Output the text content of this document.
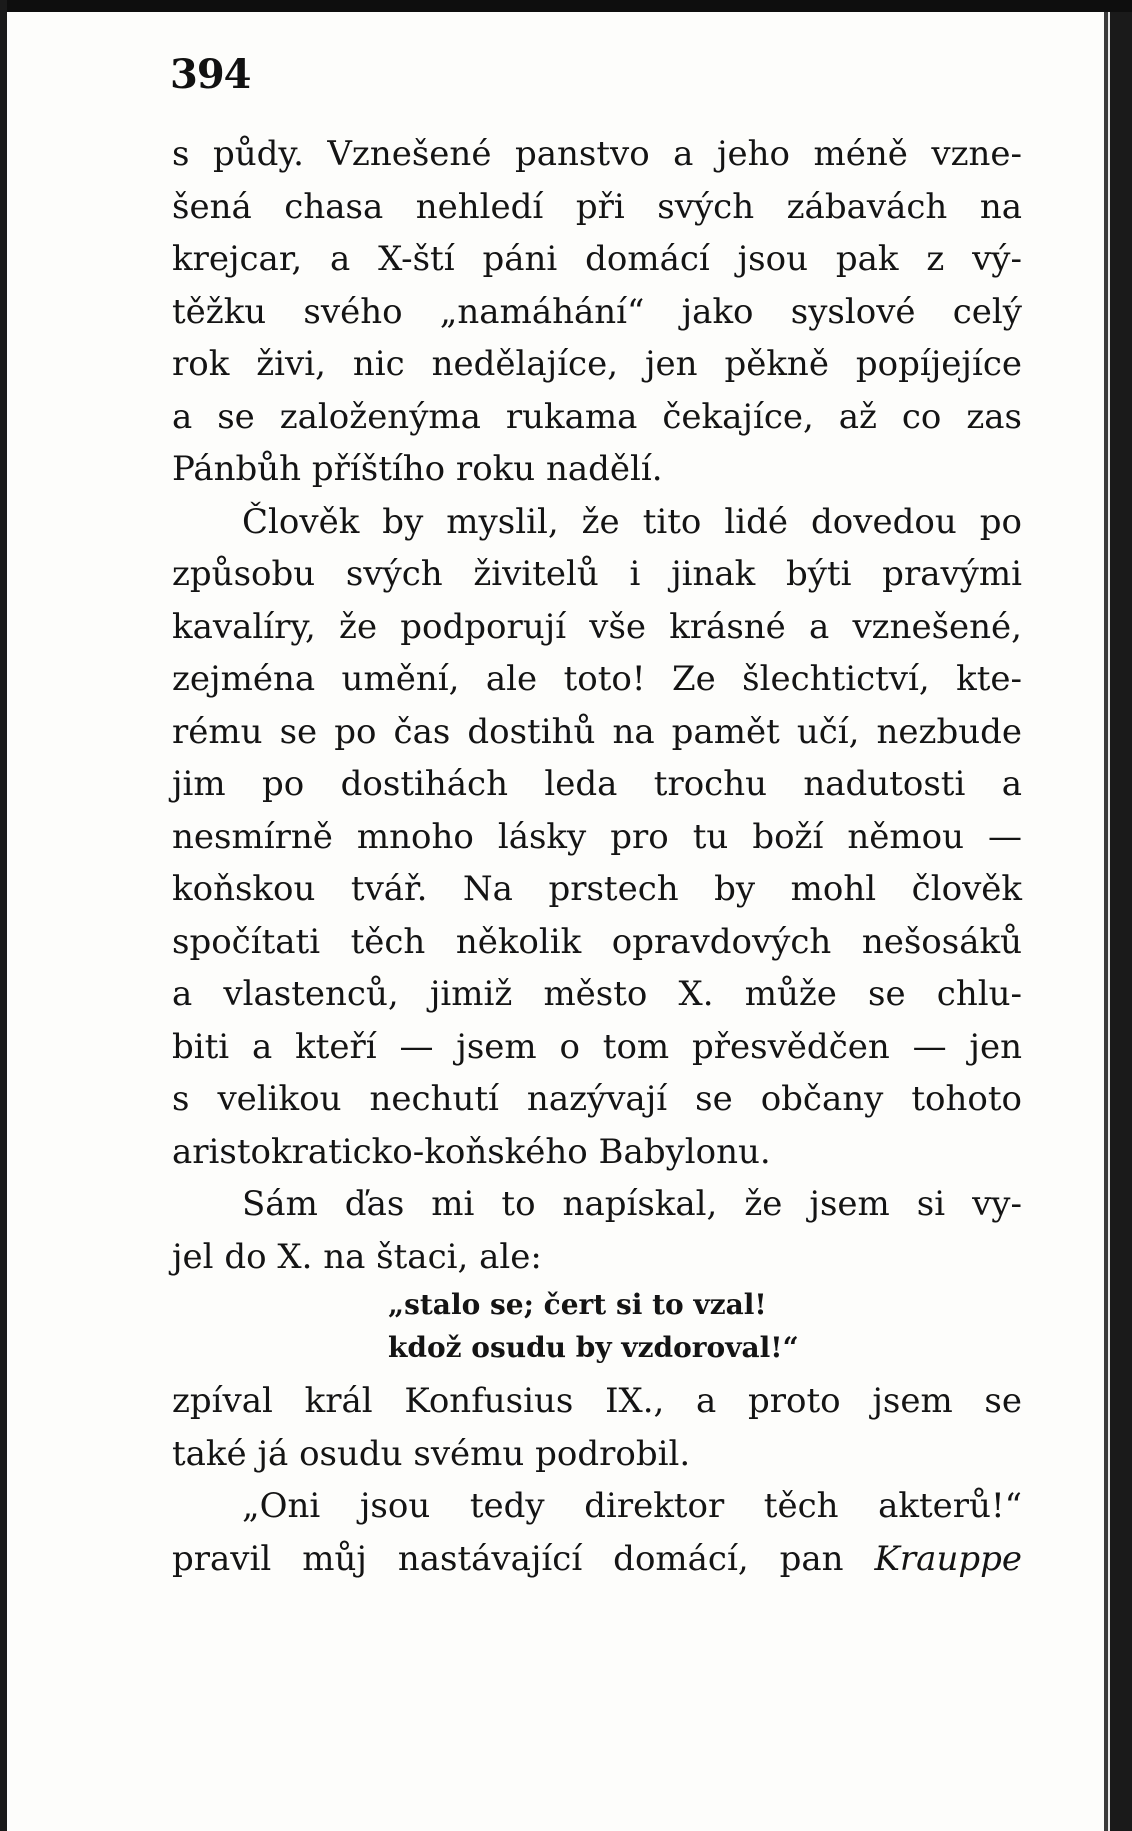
394
s půdy. Vznešené panstvo a jeho méně vzne-
šená chasa nehledí při svých zábavách na
krejcar, a X-ští páni domácí jsou pak z vý-
těžku svého „namáhání“ jako syslové celý
rok živi, nic nedělajíce, jen pěkně popíjejíce
a se založenýma rukama čekajíce, až co zas
Pánbůh příštího roku nadělí.
Člověk by myslil, že tito lidé dovedou po
způsobu svých živitelů i jinak býti pravými
kavalíry, že podporují vše krásné a vznešené,
zejména umění, ale toto! Ze šlechtictví, kte-
rému se po čas dostihů na pamět učí, nezbude
jim po dostihách leda trochu nadutosti a
nesmírně mnoho lásky pro tu boží němou —
koňskou tvář. Na prstech by mohl člověk
spočítati těch několik opravdových nešosáků
a vlastenců, jimiž město X. může se chlu-
biti a kteří — jsem o tom přesvědčen — jen
s velikou nechutí nazývají se občany tohoto
aristokraticko-koňského Babylonu.
Sám ďas mi to napískal, že jsem si vy-
jel do X. na štaci, ale:
„stalo se; čert si to vzal!
kdož osudu by vzdoroval!“
zpíval král Konfusius IX., a proto jsem se
také já osudu svému podrobil.
„Oni jsou tedy direktor těch akterů!“
pravil můj nastávající domácí, pan Krauppe
